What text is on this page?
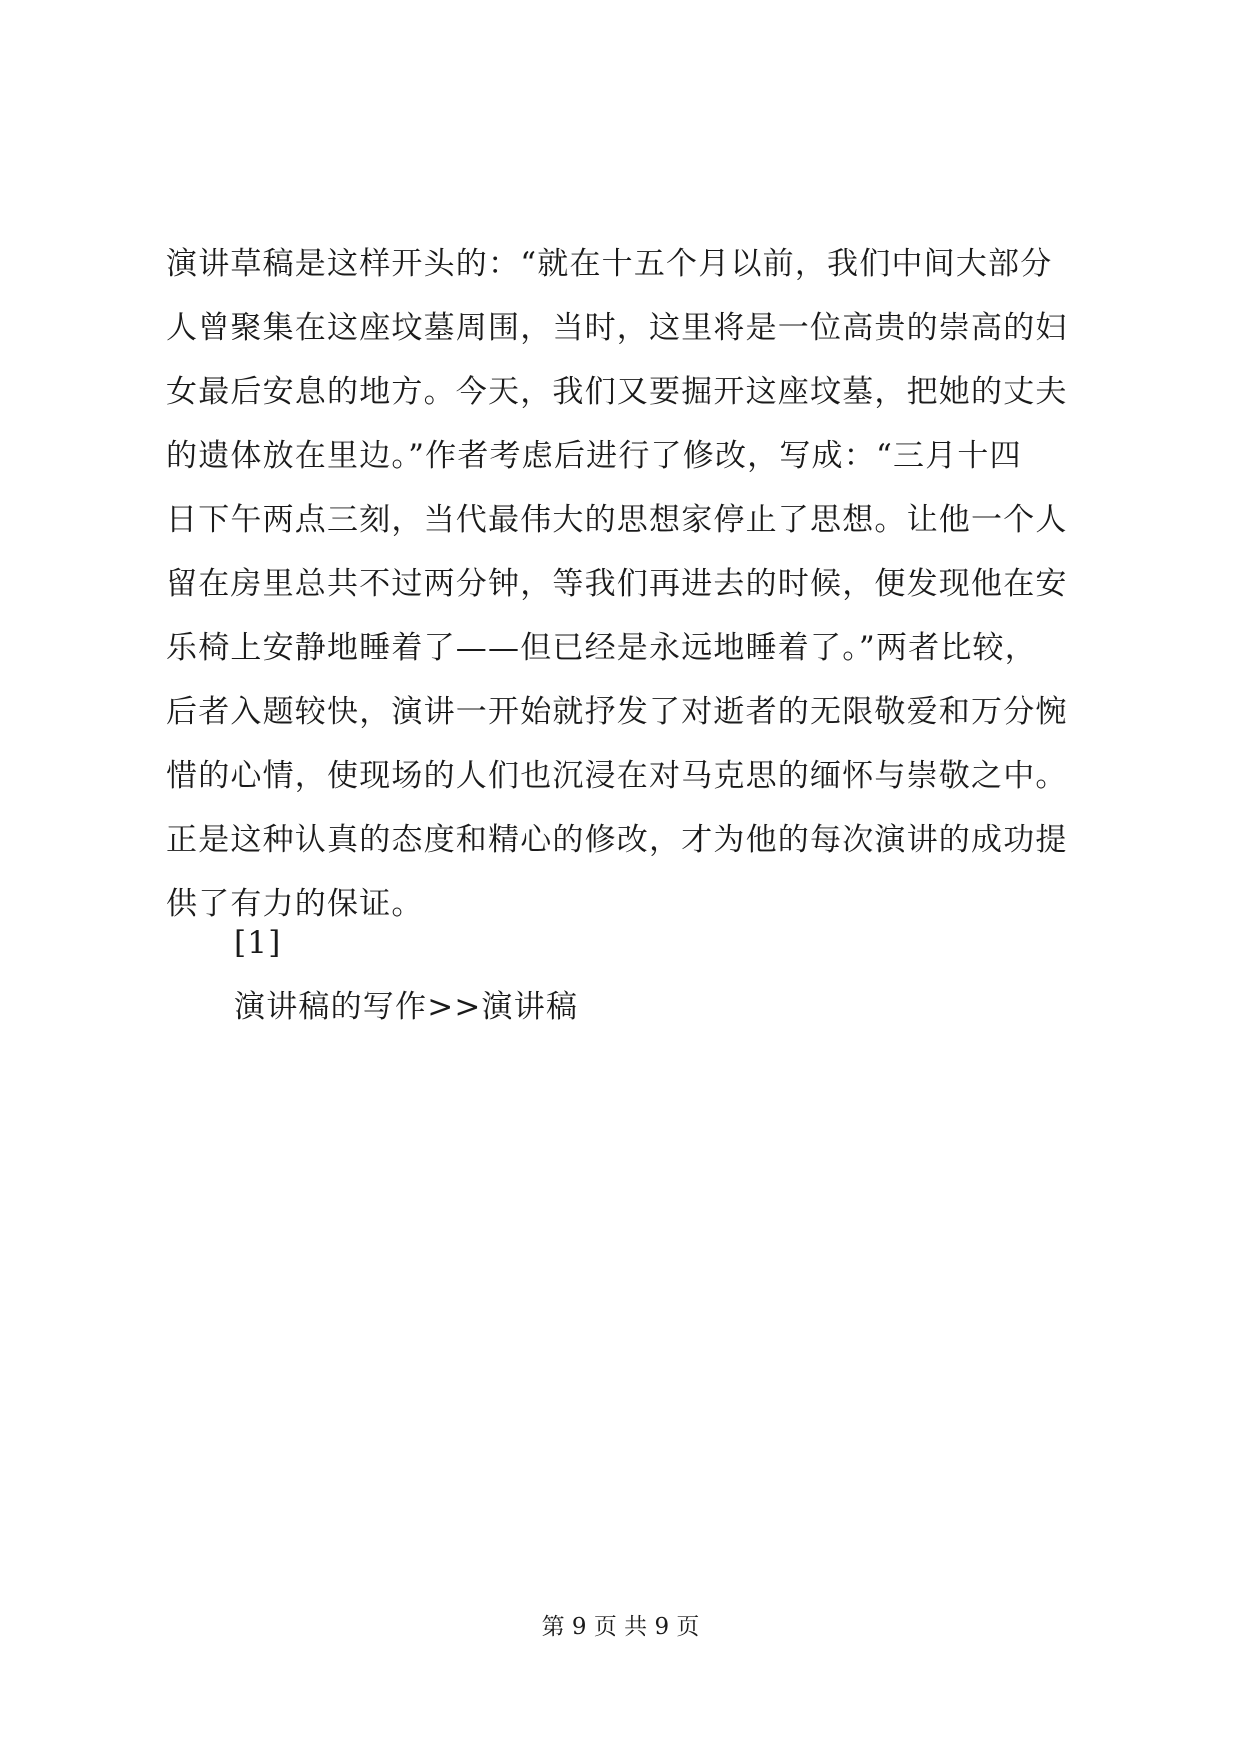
演讲草稿是这样开头的：“就在十五个月以前，我们中间大部分
人曾聚集在这座坟墓周围，当时，这里将是一位高贵的崇高的妇
女最后安息的地方。今天，我们又要掘开这座坟墓，把她的丈夫
的遗体放在里边。”作者考虑后进行了修改，写成：“三月十四
日下午两点三刻，当代最伟大的思想家停止了思想。让他一个人
留在房里总共不过两分钟，等我们再进去的时候，便发现他在安
乐椅上安静地睡着了——但已经是永远地睡着了。”两者比较，
后者入题较快，演讲一开始就抒发了对逝者的无限敬爱和万分惋
惜的心情，使现场的人们也沉浸在对马克思的缅怀与崇敬之中。
正是这种认真的态度和精心的修改，才为他的每次演讲的成功提
供了有力的保证。
[1]
演讲稿的写作>>演讲稿
第 9 页 共 9 页
